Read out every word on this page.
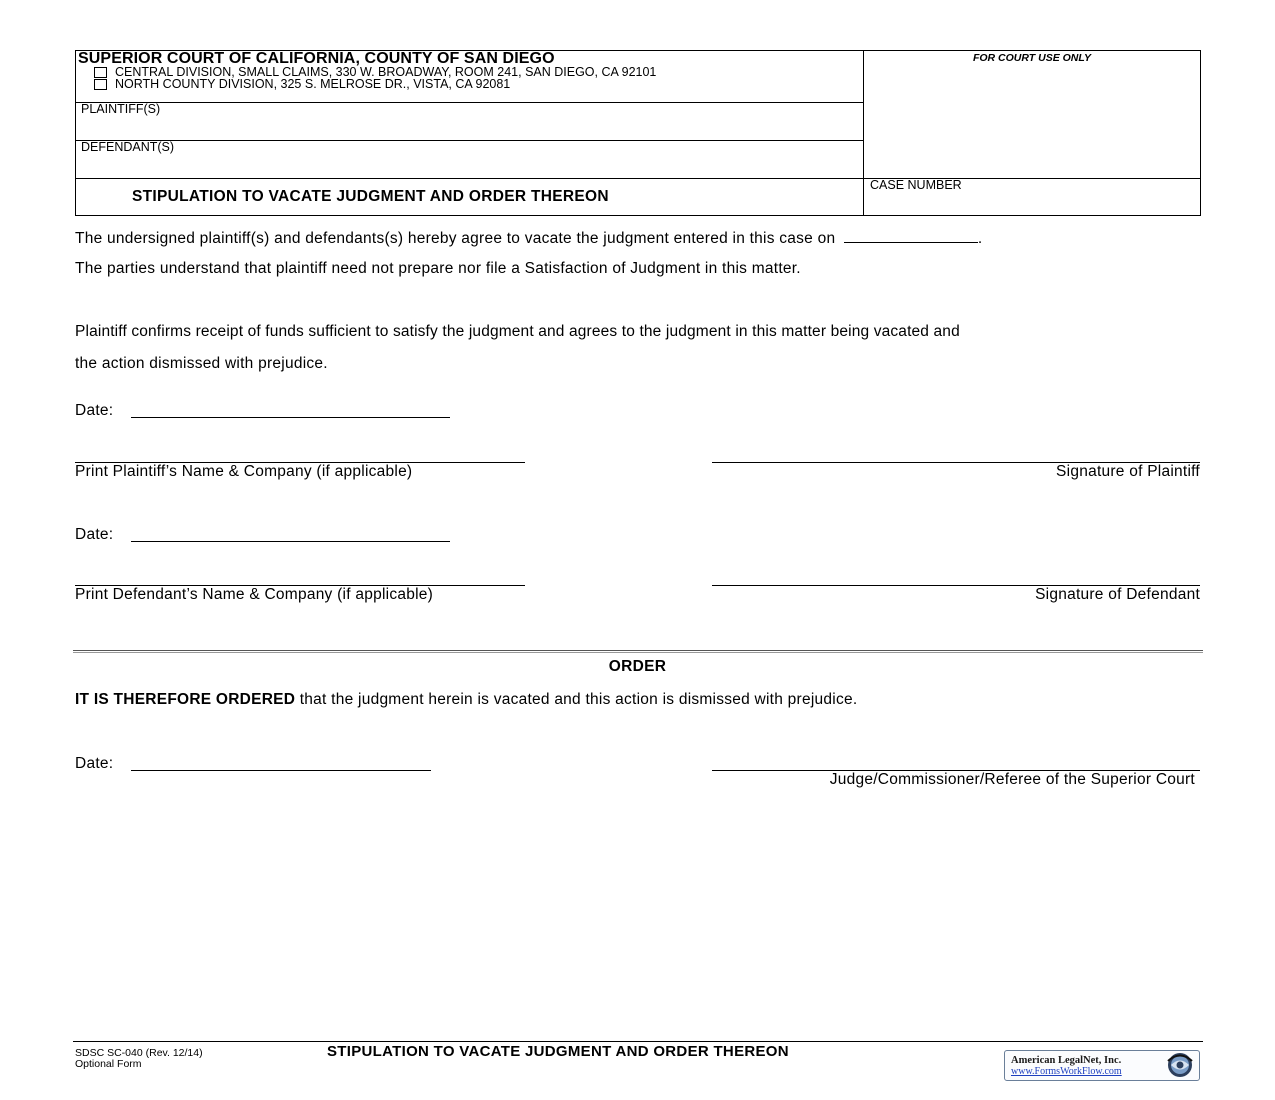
SUPERIOR COURT OF CALIFORNIA, COUNTY OF SAN DIEGO
CENTRAL DIVISION, SMALL CLAIMS, 330 W. BROADWAY, ROOM 241, SAN DIEGO, CA 92101
NORTH COUNTY DIVISION, 325 S. MELROSE DR., VISTA, CA 92081
PLAINTIFF(S)
DEFENDANT(S)
STIPULATION TO VACATE JUDGMENT AND ORDER THEREON
FOR COURT USE ONLY
CASE NUMBER
The undersigned plaintiff(s) and defendants(s) hereby agree to vacate the judgment entered in this case on	.
The parties understand that plaintiff need not prepare nor file a Satisfaction of Judgment in this matter.
Plaintiff confirms receipt of funds sufficient to satisfy the judgment and agrees to the judgment in this matter being vacated and
the action dismissed with prejudice.
Date:
Print Plaintiff’s Name & Company (if applicable)	Signature of Plaintiff
Date:
Print Defendant’s Name & Company (if applicable)	Signature of Defendant
ORDER
IT IS THEREFORE ORDERED that the judgment herein is vacated and this action is dismissed with prejudice.
Date:
Judge/Commissioner/Referee of the Superior Court
SDSC SC-040 (Rev. 12/14)
Optional Form
STIPULATION TO VACATE JUDGMENT AND ORDER THEREON
American LegalNet, Inc.
www.FormsWorkFlow.com
